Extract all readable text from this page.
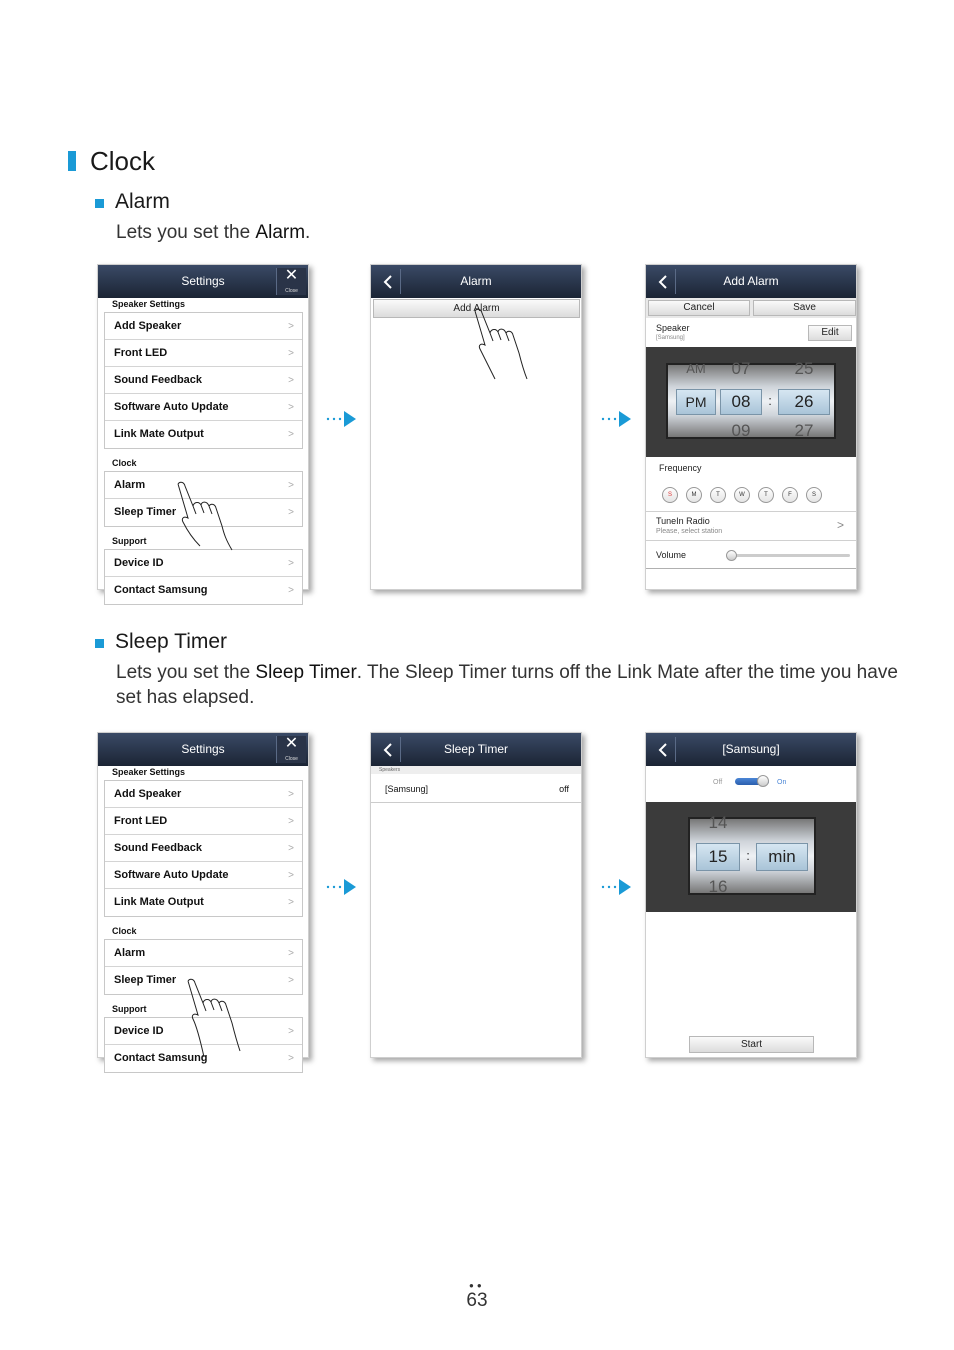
Clock
Alarm
Lets you set the Alarm.
Settings	✕
Close
Speaker Settings
Add Speaker	>
Front LED	>
Sound Feedback	>
Software Auto Update	>
Link Mate Output	>
Clock
Alarm	>
Sleep Timer	>
Support
Device ID	>
Contact Samsung	>
Alarm
Add Alarm
Add Alarm
Cancel	Save
Speaker
[Samsung]	Edit
AM
PM
07
08
09
:
25
26
27
Frequency
S	M	T	W	T	F	S
TuneIn Radio
Please, select station	>
Volume
Sleep Timer
Lets you set the Sleep Timer. The Sleep Timer turns off the Link Mate after the time you have
set has elapsed.
Settings	✕
Close
Speaker Settings
Add Speaker	>
Front LED	>
Sound Feedback	>
Software Auto Update	>
Link Mate Output	>
Clock
Alarm	>
Sleep Timer	>
Support
Device ID	>
Contact Samsung	>
Sleep Timer
Speakers
[Samsung]	off
[Samsung]
Off	On
14
15
16
:	min
Start
●●
63
